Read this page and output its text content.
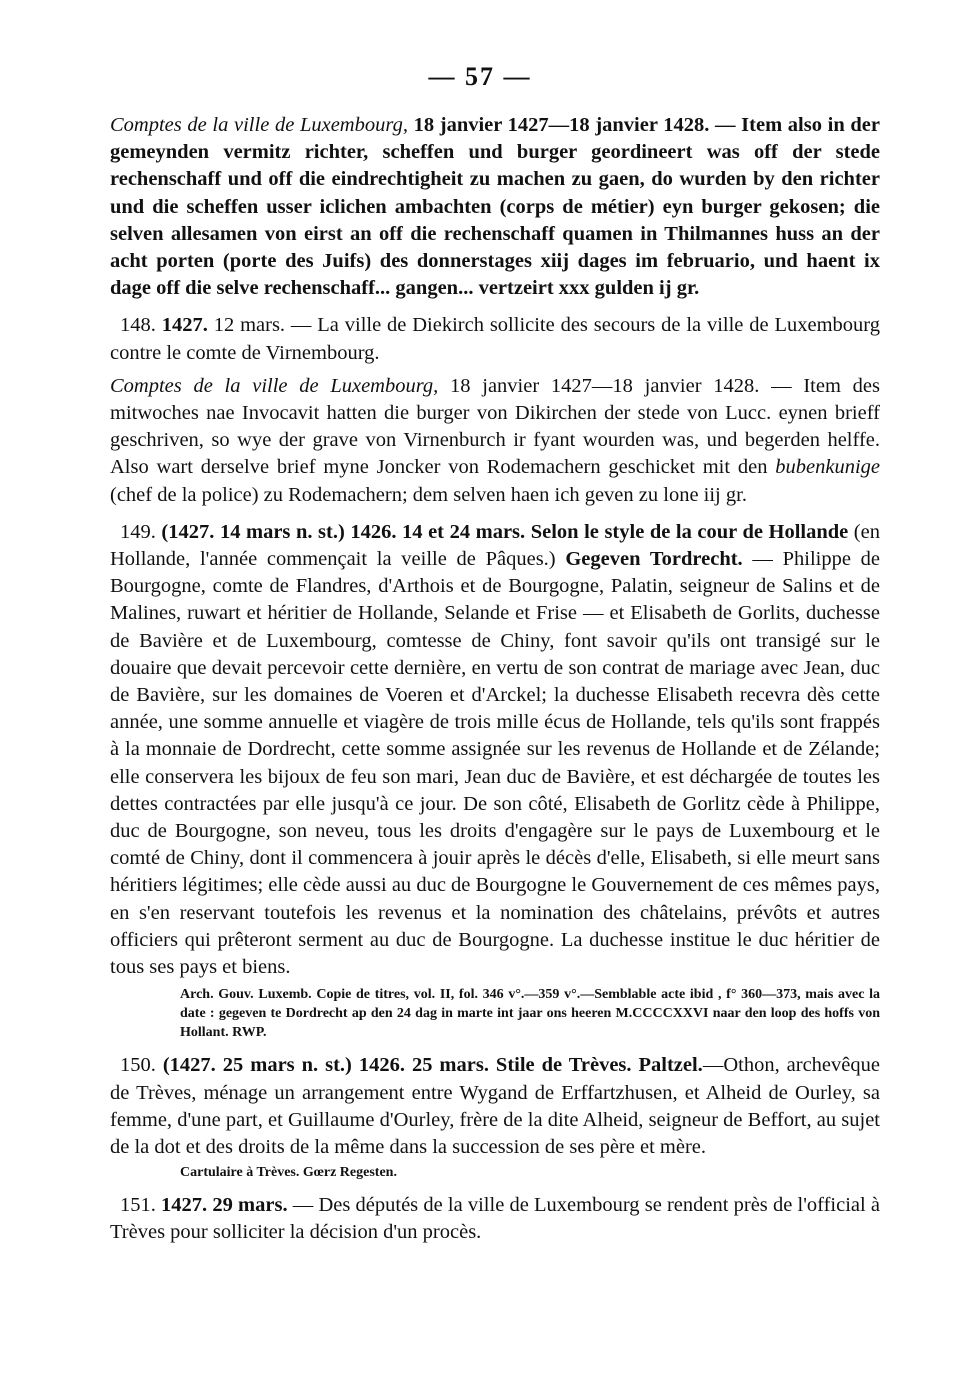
— 57 —

Comptes de la ville de Luxembourg, 18 janvier 1427—18 janvier 1428. — Item also in der gemeynden vermitz richter, scheffen und burger geordineert was off der stede rechenschaff und off die eindrechtigheit zu machen zu gaen, do wurden by den richter und die scheffen usser iclichen ambachten (corps de métier) eyn burger gekosen; die selven allesamen von eirst an off die rechenschaff quamen in Thilmannes huss an der acht porten (porte des Juifs) des donnerstages xiij dages im februario, und haent ix dage off die selve rechenschaff... gangen... vertzeirt xxx gulden ij gr.

148. 1427. 12 mars. — La ville de Diekirch sollicite des secours de la ville de Luxembourg contre le comte de Virnembourg.

Comptes de la ville de Luxembourg, 18 janvier 1427—18 janvier 1428. — Item des mitwoches nae Invocavit hatten die burger von Dikirchen der stede von Lucc. eynen brieff geschriven, so wye der grave von Virnenburch ir fyant wourden was, und begerden helffe. Also wart derselve brief myne Joncker von Rodemachern geschicket mit den bubenkunige (chef de la police) zu Rodemachern; dem selven haen ich geven zu lone iij gr.

149. (1427. 14 mars n. st.) 1426. 14 et 24 mars. Selon le style de la cour de Hollande (en Hollande, l'année commençait la veille de Pâques.) Gegeven Tordrecht. — Philippe de Bourgogne, comte de Flandres, d'Arthois et de Bourgogne, Palatin, seigneur de Salins et de Malines, ruwart et héritier de Hollande, Selande et Frise — et Elisabeth de Gorlits, duchesse de Bavière et de Luxembourg, comtesse de Chiny, font savoir qu'ils ont transigé sur le douaire que devait percevoir cette dernière, en vertu de son contrat de mariage avec Jean, duc de Bavière, sur les domaines de Voeren et d'Arckel; la duchesse Elisabeth recevra dès cette année, une somme annuelle et viagère de trois mille écus de Hollande, tels qu'ils sont frappés à la monnaie de Dordrecht, cette somme assignée sur les revenus de Hollande et de Zélande; elle conservera les bijoux de feu son mari, Jean duc de Bavière, et est déchargée de toutes les dettes contractées par elle jusqu'à ce jour. De son côté, Elisabeth de Gorlitz cède à Philippe, duc de Bourgogne, son neveu, tous les droits d'engagère sur le pays de Luxembourg et le comté de Chiny, dont il commencera à jouir après le décès d'elle, Elisabeth, si elle meurt sans héritiers légitimes; elle cède aussi au duc de Bourgogne le Gouvernement de ces mêmes pays, en s'en reservant toutefois les revenus et la nomination des châtelains, prévôts et autres officiers qui prêteront serment au duc de Bourgogne. La duchesse institue le duc héritier de tous ses pays et biens.

Arch. Gouv. Luxemb. Copie de titres, vol. II, fol. 346 v°.—359 v°.—Semblable acte ibid , f° 360—373, mais avec la date : gegeven te Dordrecht ap den 24 dag in marte int jaar ons heeren M.CCCCXXVI naar den loop des hoffs von Hollant. RWP.

150. (1427. 25 mars n. st.) 1426. 25 mars. Stile de Trèves. Paltzel.—Othon, archevêque de Trèves, ménage un arrangement entre Wygand de Erffartzhusen, et Alheid de Ourley, sa femme, d'une part, et Guillaume d'Ourley, frère de la dite Alheid, seigneur de Beffort, au sujet de la dot et des droits de la même dans la succession de ses père et mère.

Cartulaire à Trèves. Gœrz Regesten.

151. 1427. 29 mars. — Des députés de la ville de Luxembourg se rendent près de l'official à Trèves pour solliciter la décision d'un procès.
